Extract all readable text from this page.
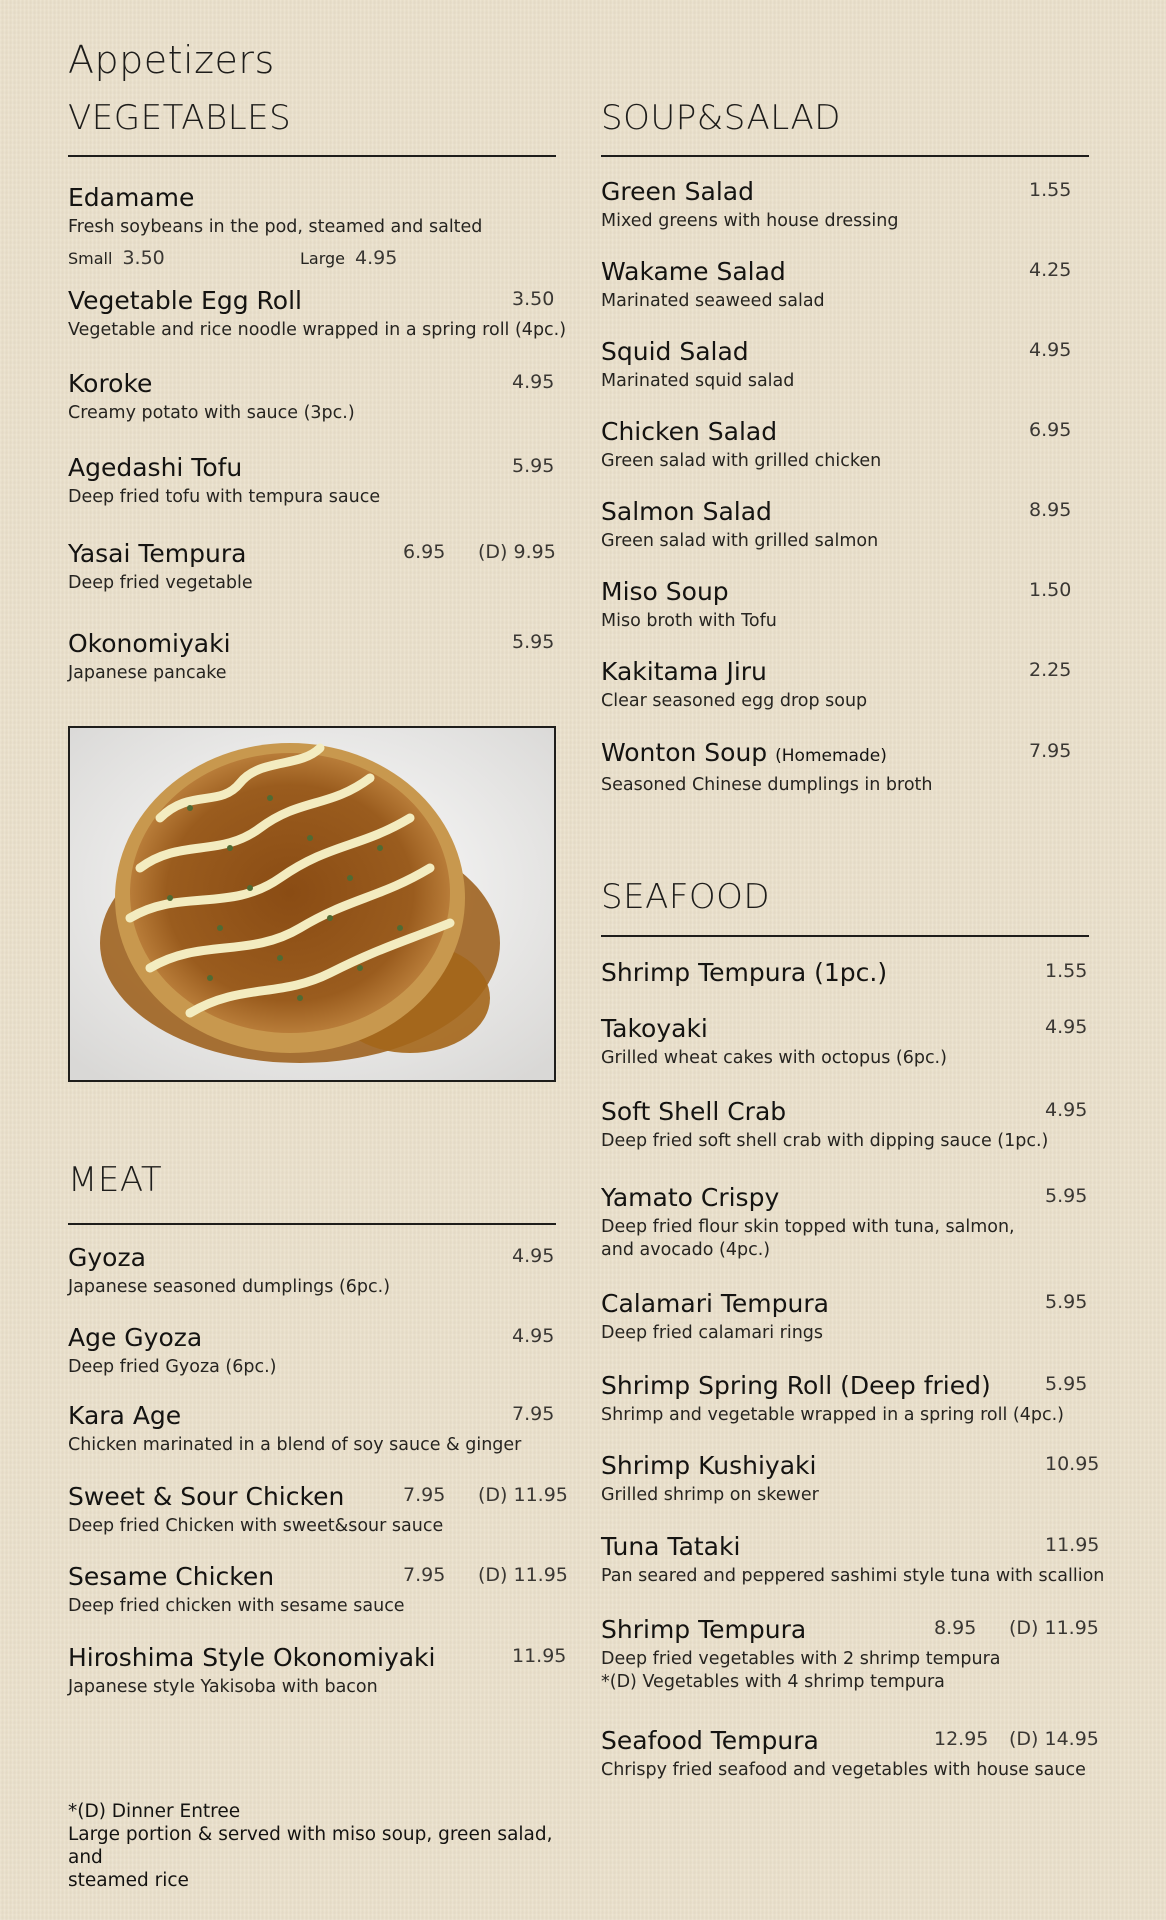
Appetizers
VEGETABLES
Edamame
Fresh soybeans in the pod, steamed and salted
Small 3.50	Large 4.95
Vegetable Egg Roll
Vegetable and rice noodle wrapped in a spring roll (4pc.)
3.50
Koroke
Creamy potato with sauce (3pc.)
4.95
Agedashi Tofu
Deep fried tofu with tempura sauce
5.95
Yasai Tempura
Deep fried vegetable
6.95 (D) 9.95
Okonomiyaki
Japanese pancake
5.95
MEAT
Gyoza
Japanese seasoned dumplings (6pc.)
4.95
Age Gyoza
Deep fried Gyoza (6pc.)
4.95
Kara Age
Chicken marinated in a blend of soy sauce & ginger
7.95
Sweet & Sour Chicken
Deep fried Chicken with sweet&sour sauce
7.95 (D) 11.95
Sesame Chicken
Deep fried chicken with sesame sauce
7.95 (D) 11.95
Hiroshima Style Okonomiyaki
Japanese style Yakisoba with bacon
11.95
SOUP&SALAD
Green Salad
Mixed greens with house dressing
1.55
Wakame Salad
Marinated seaweed salad
4.25
Squid Salad
Marinated squid salad
4.95
Chicken Salad
Green salad with grilled chicken
6.95
Salmon Salad
Green salad with grilled salmon
8.95
Miso Soup
Miso broth with Tofu
1.50
Kakitama Jiru
Clear seasoned egg drop soup
2.25
Wonton Soup (Homemade)
Seasoned Chinese dumplings in broth
7.95
SEAFOOD
Shrimp Tempura (1pc.)	1.55
Takoyaki
Grilled wheat cakes with octopus (6pc.)
4.95
Soft Shell Crab
Deep fried soft shell crab with dipping sauce (1pc.)
4.95
Yamato Crispy
Deep fried flour skin topped with tuna, salmon,
and avocado (4pc.)
5.95
Calamari Tempura
Deep fried calamari rings
5.95
Shrimp Spring Roll (Deep fried)
Shrimp and vegetable wrapped in a spring roll (4pc.)
5.95
Shrimp Kushiyaki
Grilled shrimp on skewer
10.95
Tuna Tataki
Pan seared and peppered sashimi style tuna with scallion
11.95
Shrimp Tempura
Deep fried vegetables with 2 shrimp tempura
*(D) Vegetables with 4 shrimp tempura
8.95 (D) 11.95
Seafood Tempura
Chrispy fried seafood and vegetables with house sauce
12.95 (D) 14.95
*(D) Dinner Entree
Large portion & served with miso soup, green salad, and
steamed rice
